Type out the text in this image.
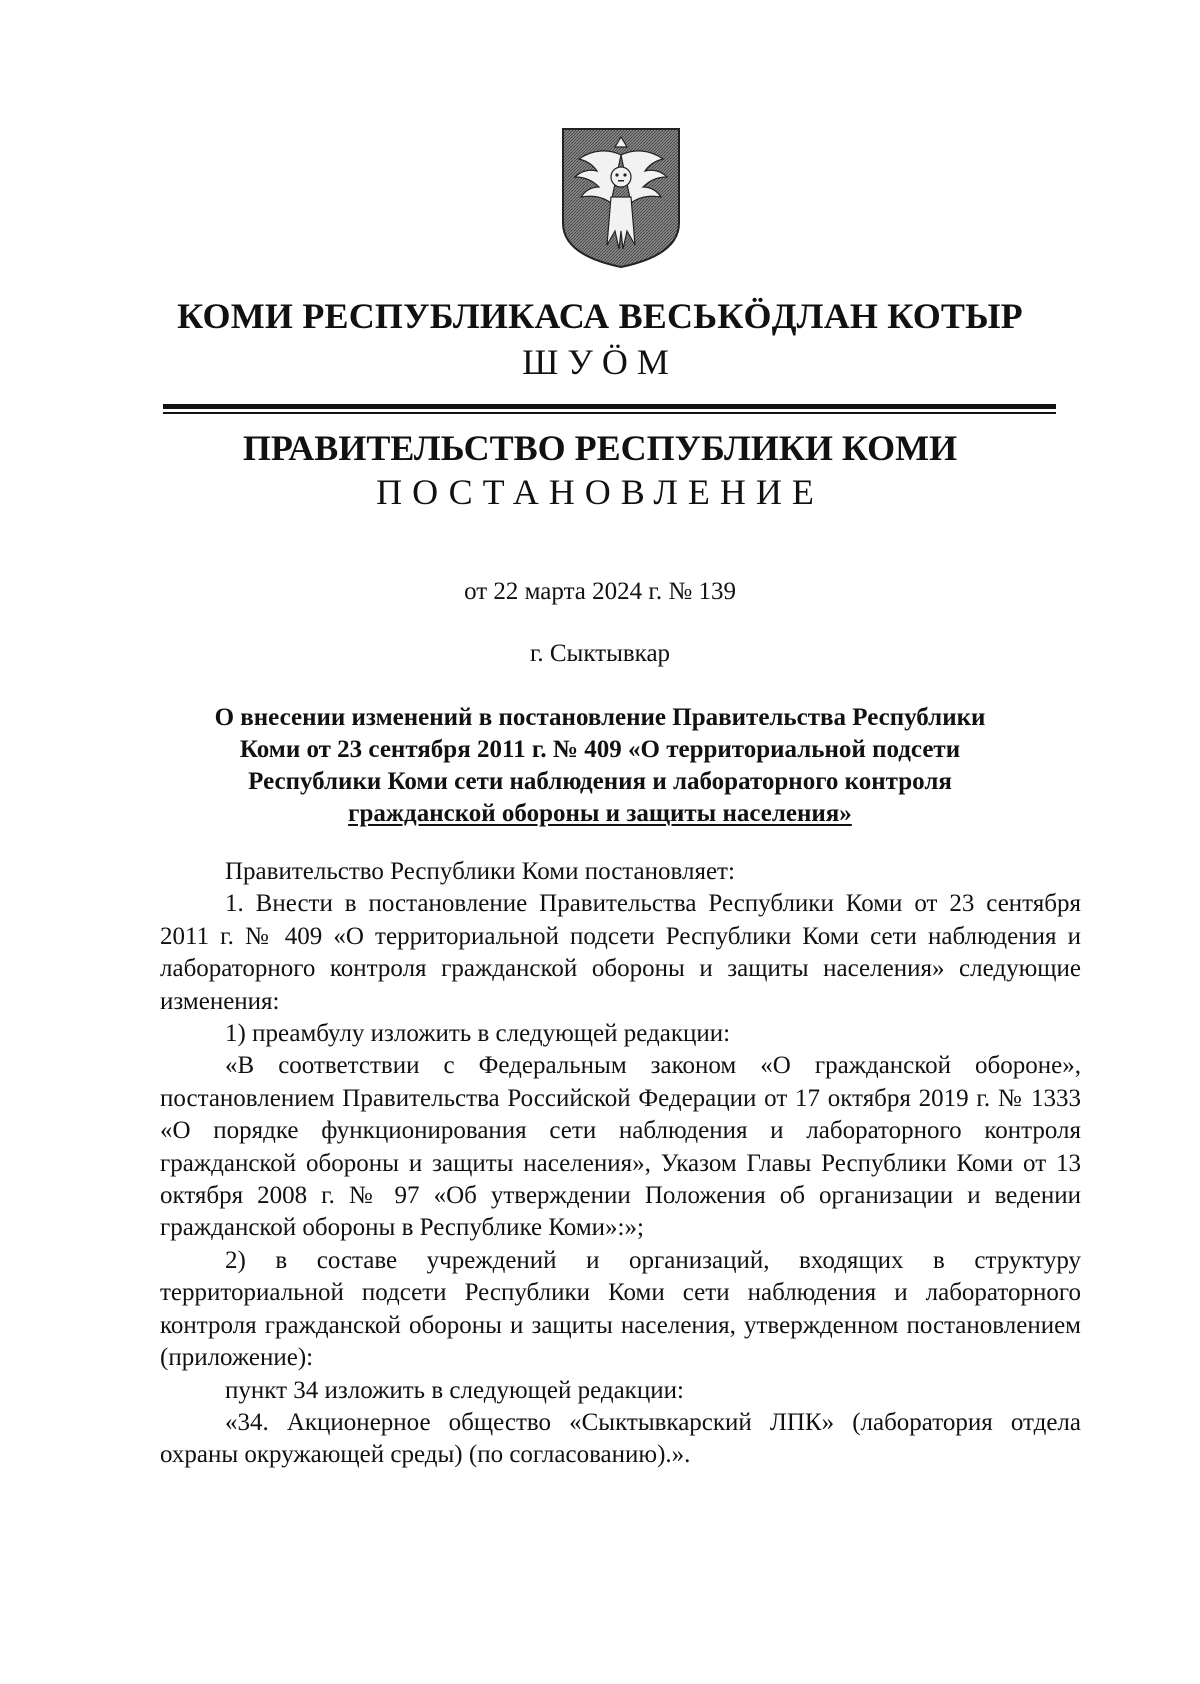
КОМИ РЕСПУБЛИКАСА ВЕСЬКӦДЛАН КОТЫР
ШУӦМ
ПРАВИТЕЛЬСТВО РЕСПУБЛИКИ КОМИ
ПОСТАНОВЛЕНИЕ
от 22 марта 2024 г. № 139
г. Сыктывкар
О внесении изменений в постановление Правительства Республики
Коми от 23 сентября 2011 г. № 409 «О территориальной подсети
Республики Коми сети наблюдения и лабораторного контроля
гражданской обороны и защиты населения»

Правительство Республики Коми постановляет:

1. Внести в постановление Правительства Республики Коми от 23 сентября 2011 г. № 409 «О территориальной подсети Республики Коми сети наблюдения и лабораторного контроля гражданской обороны и защиты населения» следующие изменения:

1) преамбулу изложить в следующей редакции:

«В соответствии с Федеральным законом «О гражданской обороне», постановлением Правительства Российской Федерации от 17 октября 2019 г. № 1333 «О порядке функционирования сети наблюдения и лабораторного контроля гражданской обороны и защиты населения», Указом Главы Республики Коми от 13 октября 2008 г. № 97 «Об утверждении Положения об организации и ведении гражданской обороны в Республике Коми»:»;

2) в составе учреждений и организаций, входящих в структуру территориальной подсети Республики Коми сети наблюдения и лабораторного контроля гражданской обороны и защиты населения, утвержденном постановлением (приложение):

пункт 34 изложить в следующей редакции:

«34. Акционерное общество «Сыктывкарский ЛПК» (лаборатория отдела охраны окружающей среды) (по согласованию).».
